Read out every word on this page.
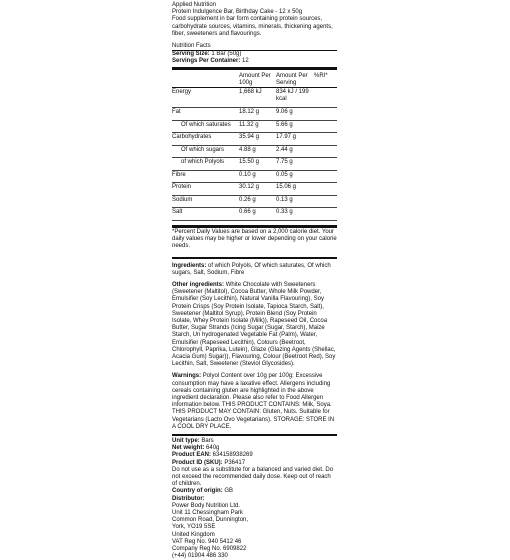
Applied Nutrition
Protein Indulgence Bar, Birthday Cake - 12 x 50g
Food supplement in bar form containing protein sources, carbohydrate sources, vitamins, minerals, thickening agents, fiber, sweeteners and flavourings.
Nutrition Facts
Serving Size: 1 Bar (50g)
Servings Per Container: 12
	Amount Per 100g	Amount Per Serving	%RI*

Energy	1,668 kJ	834 kJ / 199 kcal	
Fat	18.12 g	9.06 g	
Of which saturates	11.32 g	5.66 g	
Carbohydrates	35.94 g	17.97 g	
Of which sugars	4.88 g	2.44 g	
of which Polyols	15.50 g	7.75 g	
Fibre	0.10 g	0.05 g	
Protein	30.12 g	15.06 g	
Sodium	0.26 g	0.13 g	
Salt	0.66 g	0.33 g	
*Percent Daily Values are based on a 2,000 calorie diet. Your daily values may be higher or lower depending on your calorie needs.

Ingredients: of which Polyols, Of which saturates, Of which sugars, Salt, Sodium, Fibre

Other ingredients: White Chocolate with Sweeteners (Sweetener (Maltitol), Cocoa Butter, Whole Milk Powder, Emulsifier (Soy Lecithin), Natural Vanilla Flavouring), Soy Protein Crisps (Soy Protein Isolate, Tapioca Starch, Salt), Sweetener (Maltitol Syrup), Protein Blend (Soy Protein Isolate, Whey Protein Isolate (Milk)), Rapeseed Oil, Cocoa Butter, Sugar Strands (Icing Sugar (Sugar, Starch), Maize Starch, Un hydrogenated Vegetable Fat (Palm), Water, Emulsifier (Rapeseed Lecithin), Colours (Beetroot, Chlorophyll, Paprika, Lutein), Glaze (Glazing Agents (Shellac, Acacia Gum) Sugar)), Flavouring, Colour (Beetroot Red), Soy Lecithin, Salt, Sweetener (Steviol Glycosides).

Warnings: Polyol Content over 10g per 100g: Excessive consumption may have a laxative effect. Allergens including cereals containing gluten are highlighted in the above ingredient declaration. Please also refer to Food Allergen information below. THIS PRODUCT CONTAINS: Milk, Soya. THIS PRODUCT MAY CONTAIN: Gluten, Nuts. Suitable for Vegetarians (Lacto Ovo Vegetarians). STORAGE: STORE IN A COOL DRY PLACE.

Unit type: Bars
Net weight: 640g
Product EAN: 634158938269
Product ID (SKU): P36417
Do not use as a substitute for a balanced and varied diet. Do not exceed the recommended daily dose. Keep out of reach of children.
Country of origin: GB
Distributor:
Power Body Nutrition Ltd.
Unit 11 Chessingham Park
Common Road, Dunnington,
York, YO19 5SE
United Kingdom
VAT Reg No. 940 5412 46
Company Reg No. 6909822
(+44) 01904 486 330
